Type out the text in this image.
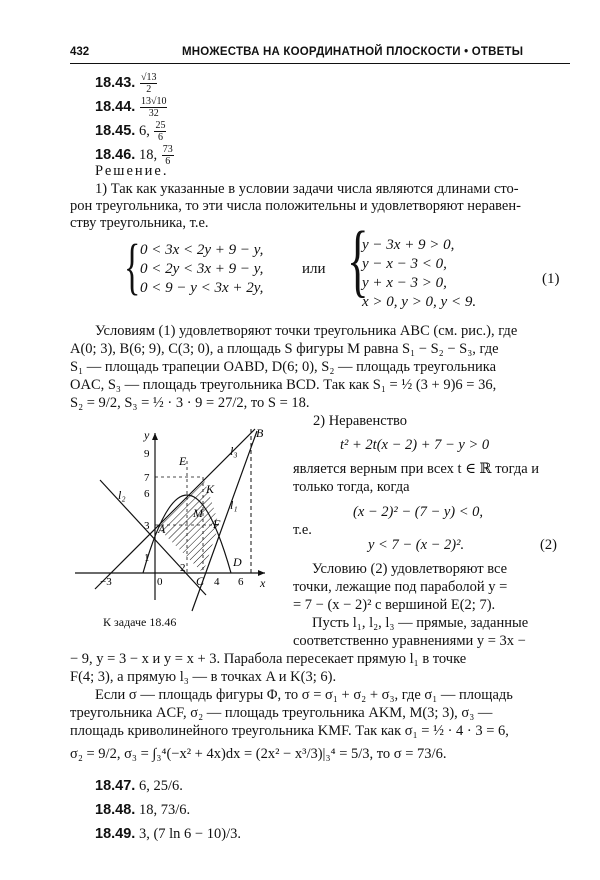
432	МНОЖЕСТВА НА КООРДИНАТНОЙ ПЛОСКОСТИ • ОТВЕТЫ
18.43. $\frac{√13}{2}$
18.44. $\frac{13√10}{32}$
18.45. 6, $\frac{25}{6}$
18.46. 18, $\frac{73}{6}$
Решение.
1) Так как указанные в условии задачи числа являются длинами сто-
рон треугольника, то эти числа положительны и удовлетворяют неравен-
ству треугольника, т.е.
{ 0 < 3x < 2y + 9 − y,
0 < 2y < 3x + 9 − y,
0 < 9 − y < 3x + 2y,
или {
y − 3x + 9 > 0,
y − x − 3 < 0,
y + x − 3 > 0,
x > 0, y > 0, y < 9.
(1)
Условиям (1) удовлетворяют точки треугольника ABC (см. рис.), где
A(0; 3), B(6; 9), C(3; 0), а площадь S фигуры M равна S₁ − S₂ − S₃, где
S₁ — площадь трапеции OABD, D(6; 0), S₂ — площадь треугольника
OAC, S₃ — площадь треугольника BCD. Так как S₁ = ½ (3 + 9)6 = 36,
S₂ = 9/2, S₃ = ½ · 3 · 9 = 27/2, то S = 18.
2) Неравенство
t² + 2t(x − 2) + 7 − y > 0
является верным при всех t ∈ ℝ тогда и
только тогда, когда
(x − 2)² − (7 − y) < 0,
т.е.
y < 7 − (x − 2)².	(2)
Условию (2) удовлетворяют все
точки, лежащие под параболой y =
= 7 − (x − 2)² с вершиной E(2; 7).
Пусть l₁, l₂, l₃ — прямые, заданные
соответственно уравнениями y = 3x −
y
x
B
E
K
M
F
A
C
D
0
l₃
l₂
l₁
9
7
6
3
1
2
4 6
−3
К задаче 18.46
− 9, y = 3 − x и y = x + 3. Парабола пересекает прямую l₁ в точке
F(4; 3), а прямую l₃ — в точках A и K(3; 6).
Если σ — площадь фигуры Φ, то σ = σ₁ + σ₂ + σ₃, где σ₁ — площадь
треугольника ACF, σ₂ — площадь треугольника AKM, M(3; 3), σ₃ —
площадь криволинейного треугольника KMF. Так как σ₁ = ½ · 4 · 3 = 6,
σ₂ = 9/2, σ₃ = ∫₃⁴(−x² + 4x)dx = (2x² − x³/3)|₃⁴ = 5/3, то σ = 73/6.
18.47. 6, 25/6.
18.48. 18, 73/6.
18.49. 3, (7 ln 6 − 10)/3.
